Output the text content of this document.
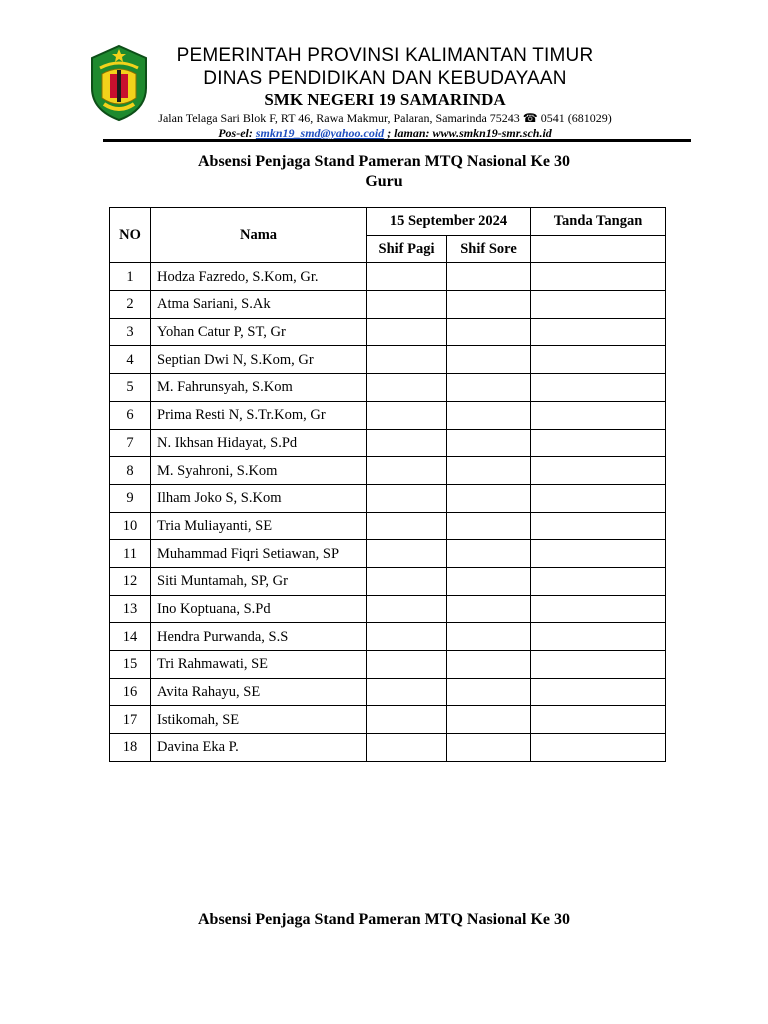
PEMERINTAH PROVINSI KALIMANTAN TIMUR
DINAS PENDIDIKAN DAN KEBUDAYAAN
SMK NEGERI 19 SAMARINDA
Jalan Telaga Sari Blok F, RT 46, Rawa Makmur, Palaran, Samarinda 75243 ☎ 0541 (681029)
Pos-el: smkn19_smd@yahoo.coid ; laman: www.smkn19-smr.sch.id
Absensi Penjaga Stand Pameran MTQ Nasional Ke 30
Guru
NO	Nama	15 September 2024		Tanda Tangan
		Shif Pagi	Shif Sore	
1	Hodza Fazredo, S.Kom, Gr.			
2	Atma Sariani, S.Ak			
3	Yohan Catur P, ST, Gr			
4	Septian Dwi N, S.Kom, Gr			
5	M. Fahrunsyah, S.Kom			
6	Prima Resti N, S.Tr.Kom, Gr			
7	N. Ikhsan Hidayat, S.Pd			
8	M. Syahroni, S.Kom			
9	Ilham Joko S, S.Kom			
10	Tria Muliayanti, SE			
11	Muhammad Fiqri Setiawan, SP			
12	Siti Muntamah, SP, Gr			
13	Ino Koptuana, S.Pd			
14	Hendra Purwanda, S.S			
15	Tri Rahmawati, SE			
16	Avita Rahayu, SE			
17	Istikomah, SE			
18	Davina Eka P.			
Absensi Penjaga Stand Pameran MTQ Nasional Ke 30
